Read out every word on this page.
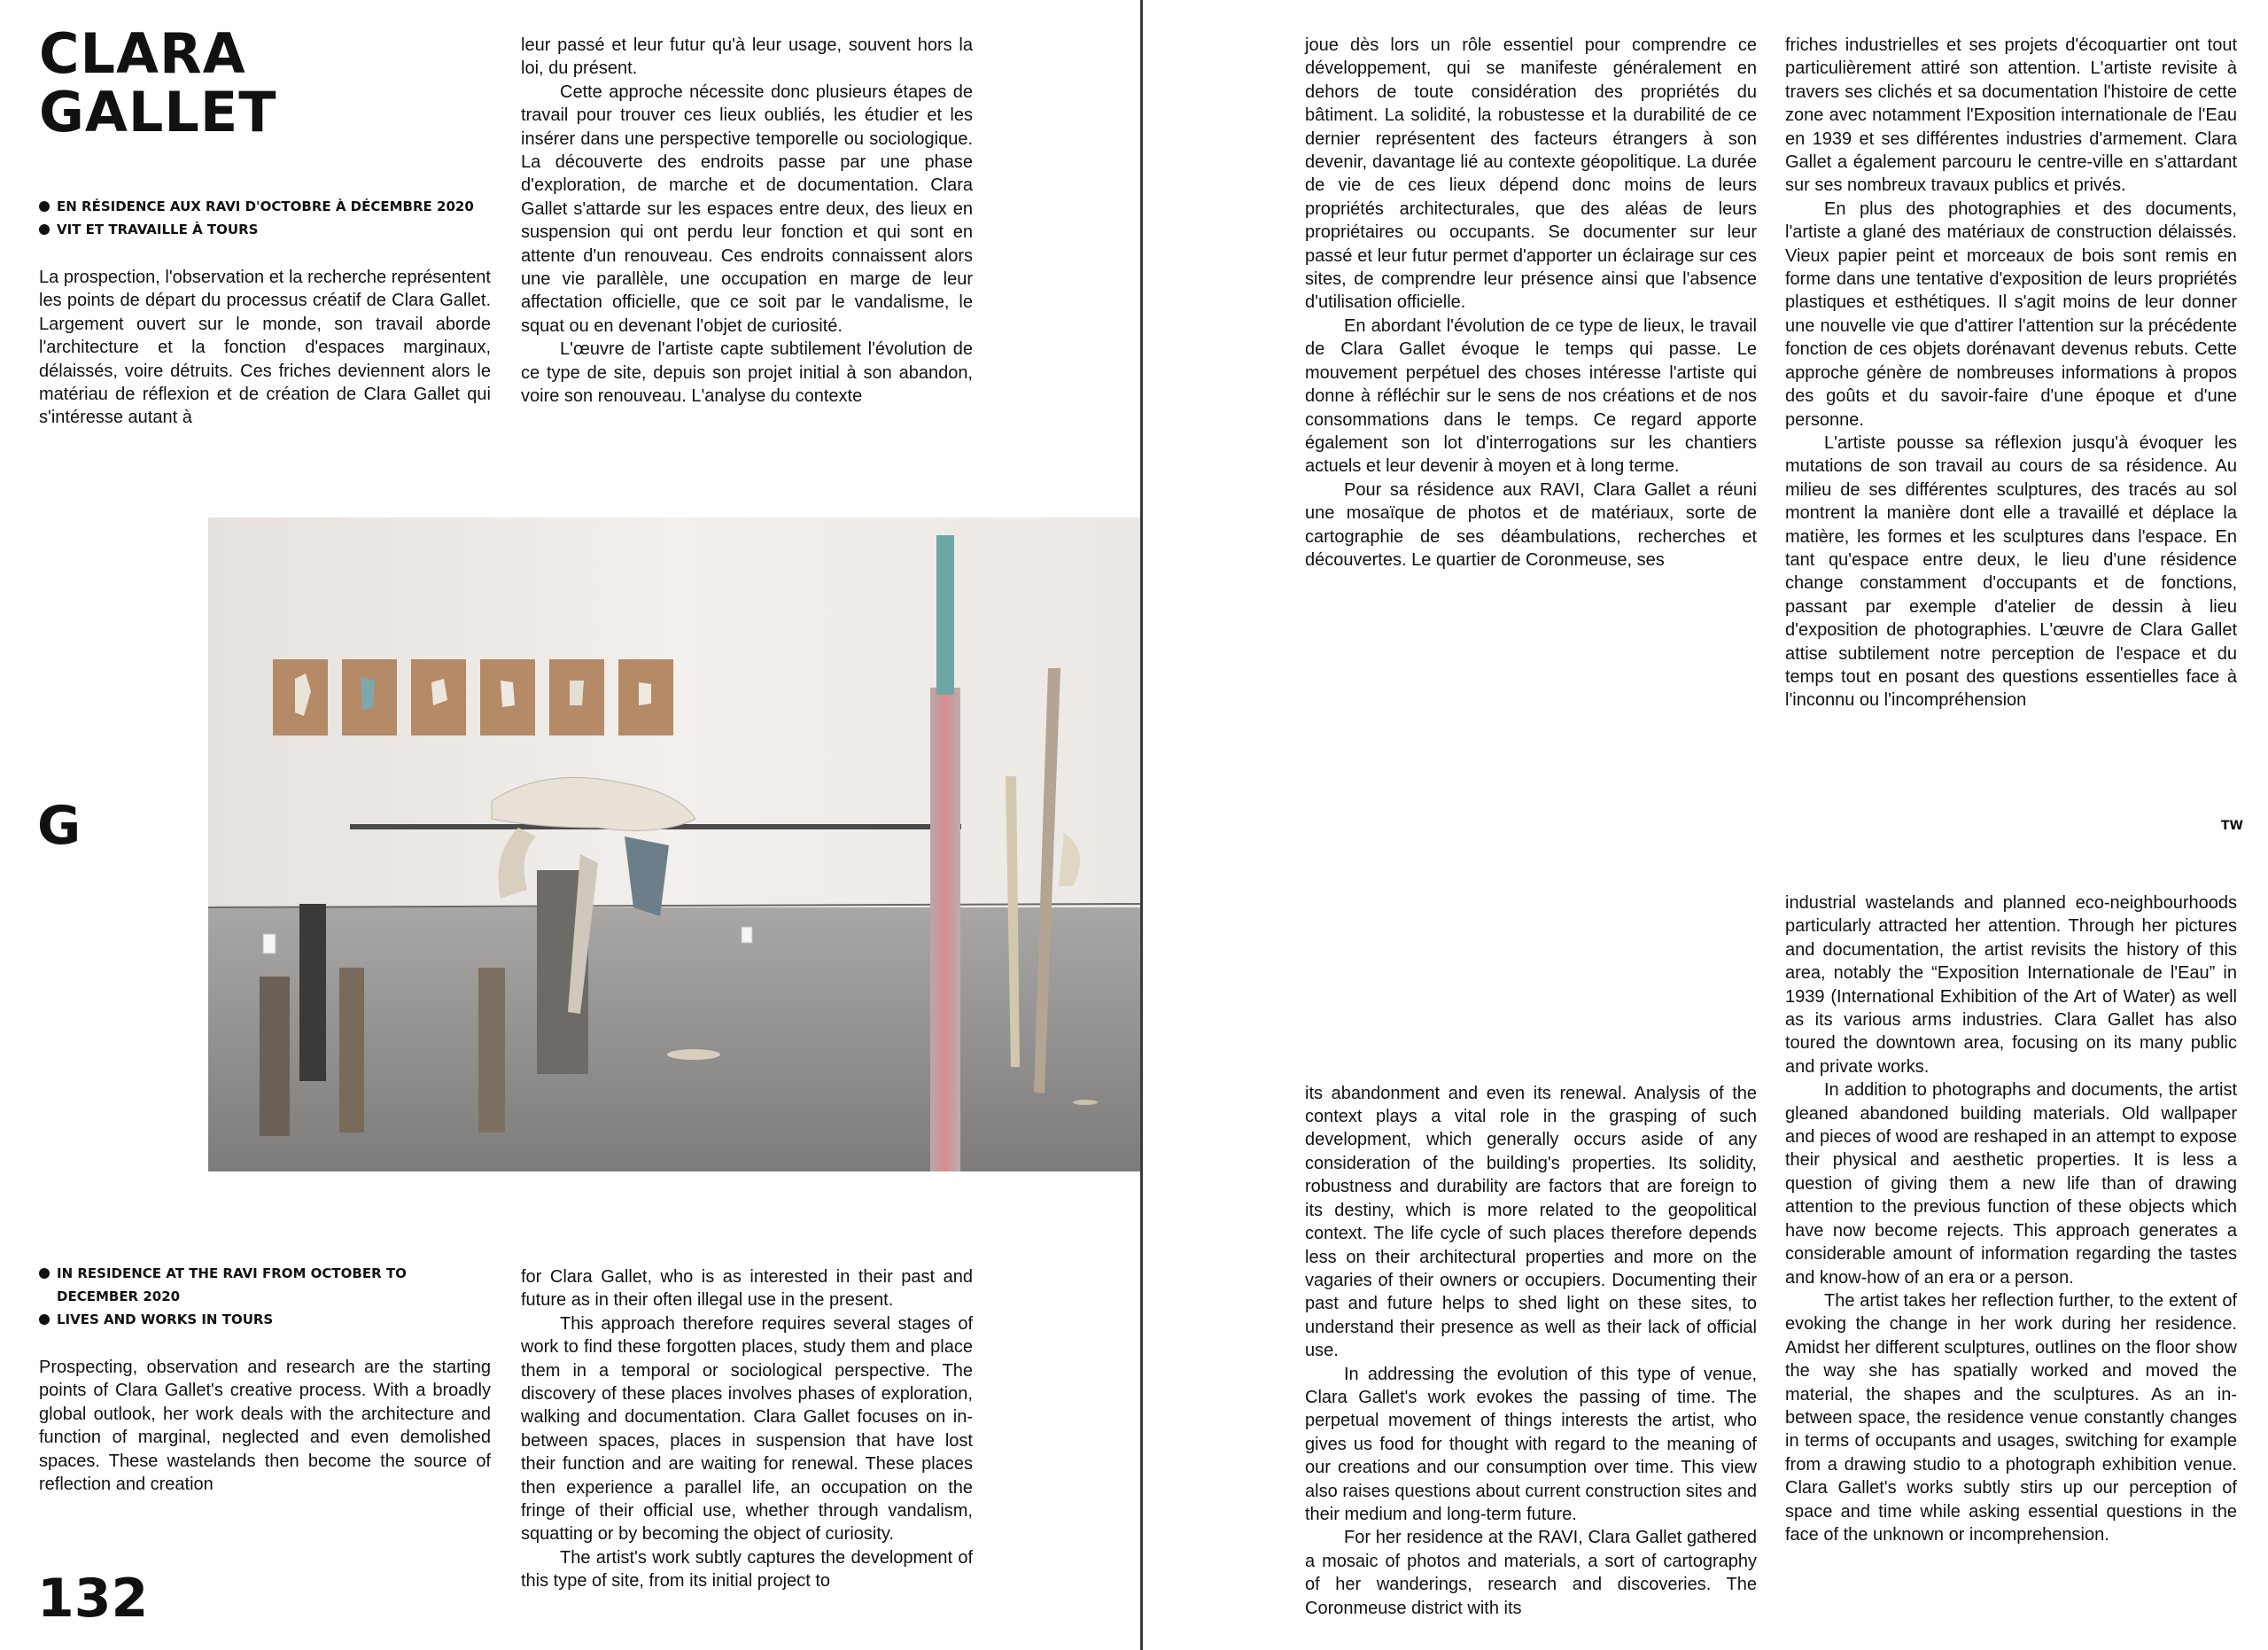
CLARA
GALLET
EN RÉSIDENCE AUX RAVI D'OCTOBRE À DÉCEMBRE 2020
VIT ET TRAVAILLE À TOURS

La prospection, l'observation et la recherche représentent les points de départ du processus créatif de Clara Gallet. Largement ouvert sur le monde, son travail aborde l'architecture et la fonction d'espaces marginaux, délaissés, voire détruits. Ces friches deviennent alors le matériau de réflexion et de création de Clara Gallet qui s'intéresse autant à

leur passé et leur futur qu'à leur usage, souvent hors la loi, du présent.

Cette approche nécessite donc plusieurs étapes de travail pour trouver ces lieux oubliés, les étudier et les insérer dans une perspective temporelle ou sociologique. La découverte des endroits passe par une phase d'exploration, de marche et de documentation. Clara Gallet s'attarde sur les espaces entre deux, des lieux en suspension qui ont perdu leur fonction et qui sont en attente d'un renouveau. Ces endroits connaissent alors une vie parallèle, une occupation en marge de leur affectation officielle, que ce soit par le vandalisme, le squat ou en devenant l'objet de curiosité.

L'œuvre de l'artiste capte subtilement l'évolution de ce type de site, depuis son projet initial à son abandon, voire son renouveau. L'analyse du contexte

G
IN RESIDENCE AT THE RAVI FROM OCTOBER TO DECEMBER 2020
LIVES AND WORKS IN TOURS

Prospecting, observation and research are the starting points of Clara Gallet's creative process. With a broadly global outlook, her work deals with the architecture and function of marginal, neglected and even demolished spaces. These wastelands then become the source of reflection and creation

for Clara Gallet, who is as interested in their past and future as in their often illegal use in the present.

This approach therefore requires several stages of work to find these forgotten places, study them and place them in a temporal or sociological perspective. The discovery of these places involves phases of exploration, walking and documentation. Clara Gallet focuses on in-between spaces, places in suspension that have lost their function and are waiting for renewal. These places then experience a parallel life, an occupation on the fringe of their official use, whether through vandalism, squatting or by becoming the object of curiosity.

The artist's work subtly captures the development of this type of site, from its initial project to

132

joue dès lors un rôle essentiel pour comprendre ce développement, qui se manifeste généralement en dehors de toute considération des propriétés du bâtiment. La solidité, la robustesse et la durabilité de ce dernier représentent des facteurs étrangers à son devenir, davantage lié au contexte géopolitique. La durée de vie de ces lieux dépend donc moins de leurs propriétés architecturales, que des aléas de leurs propriétaires ou occupants. Se documenter sur leur passé et leur futur permet d'apporter un éclairage sur ces sites, de comprendre leur présence ainsi que l'absence d'utilisation officielle.

En abordant l'évolution de ce type de lieux, le travail de Clara Gallet évoque le temps qui passe. Le mouvement perpétuel des choses intéresse l'artiste qui donne à réfléchir sur le sens de nos créations et de nos consommations dans le temps. Ce regard apporte également son lot d'interrogations sur les chantiers actuels et leur devenir à moyen et à long terme.

Pour sa résidence aux RAVI, Clara Gallet a réuni une mosaïque de photos et de matériaux, sorte de cartographie de ses déambulations, recherches et découvertes. Le quartier de Coronmeuse, ses

friches industrielles et ses projets d'écoquartier ont tout particulièrement attiré son attention. L'artiste revisite à travers ses clichés et sa documentation l'histoire de cette zone avec notamment l'Exposition internationale de l'Eau en 1939 et ses différentes industries d'armement. Clara Gallet a également parcouru le centre-ville en s'attardant sur ses nombreux travaux publics et privés.

En plus des photographies et des documents, l'artiste a glané des matériaux de construction délaissés. Vieux papier peint et morceaux de bois sont remis en forme dans une tentative d'exposition de leurs propriétés plastiques et esthétiques. Il s'agit moins de leur donner une nouvelle vie que d'attirer l'attention sur la précédente fonction de ces objets dorénavant devenus rebuts. Cette approche génère de nombreuses informations à propos des goûts et du savoir-faire d'une époque et d'une personne.

L'artiste pousse sa réflexion jusqu'à évoquer les mutations de son travail au cours de sa résidence. Au milieu de ses différentes sculptures, des tracés au sol montrent la manière dont elle a travaillé et déplace la matière, les formes et les sculptures dans l'espace. En tant qu'espace entre deux, le lieu d'une résidence change constamment d'occupants et de fonctions, passant par exemple d'atelier de dessin à lieu d'exposition de photographies. L'œuvre de Clara Gallet attise subtilement notre perception de l'espace et du temps tout en posant des questions essentielles face à l'inconnu ou l'incompréhension

TW

its abandonment and even its renewal. Analysis of the context plays a vital role in the grasping of such development, which generally occurs aside of any consideration of the building's properties. Its solidity, robustness and durability are factors that are foreign to its destiny, which is more related to the geopolitical context. The life cycle of such places therefore depends less on their architectural properties and more on the vagaries of their owners or occupiers. Documenting their past and future helps to shed light on these sites, to understand their presence as well as their lack of official use.

In addressing the evolution of this type of venue, Clara Gallet's work evokes the passing of time. The perpetual movement of things interests the artist, who gives us food for thought with regard to the meaning of our creations and our consumption over time. This view also raises questions about current construction sites and their medium and long-term future.

For her residence at the RAVI, Clara Gallet gathered a mosaic of photos and materials, a sort of cartography of her wanderings, research and discoveries. The Coronmeuse district with its

industrial wastelands and planned eco-neighbourhoods particularly attracted her attention. Through her pictures and documentation, the artist revisits the history of this area, notably the “Exposition Internationale de l'Eau” in 1939 (International Exhibition of the Art of Water) as well as its various arms industries. Clara Gallet has also toured the downtown area, focusing on its many public and private works.

In addition to photographs and documents, the artist gleaned abandoned building materials. Old wallpaper and pieces of wood are reshaped in an attempt to expose their physical and aesthetic properties. It is less a question of giving them a new life than of drawing attention to the previous function of these objects which have now become rejects. This approach generates a considerable amount of information regarding the tastes and know-how of an era or a person.

The artist takes her reflection further, to the extent of evoking the change in her work during her residence. Amidst her different sculptures, outlines on the floor show the way she has spatially worked and moved the material, the shapes and the sculptures. As an in-between space, the residence venue constantly changes in terms of occupants and usages, switching for example from a drawing studio to a photograph exhibition venue. Clara Gallet's works subtly stirs up our perception of space and time while asking essential questions in the face of the unknown or incomprehension.
